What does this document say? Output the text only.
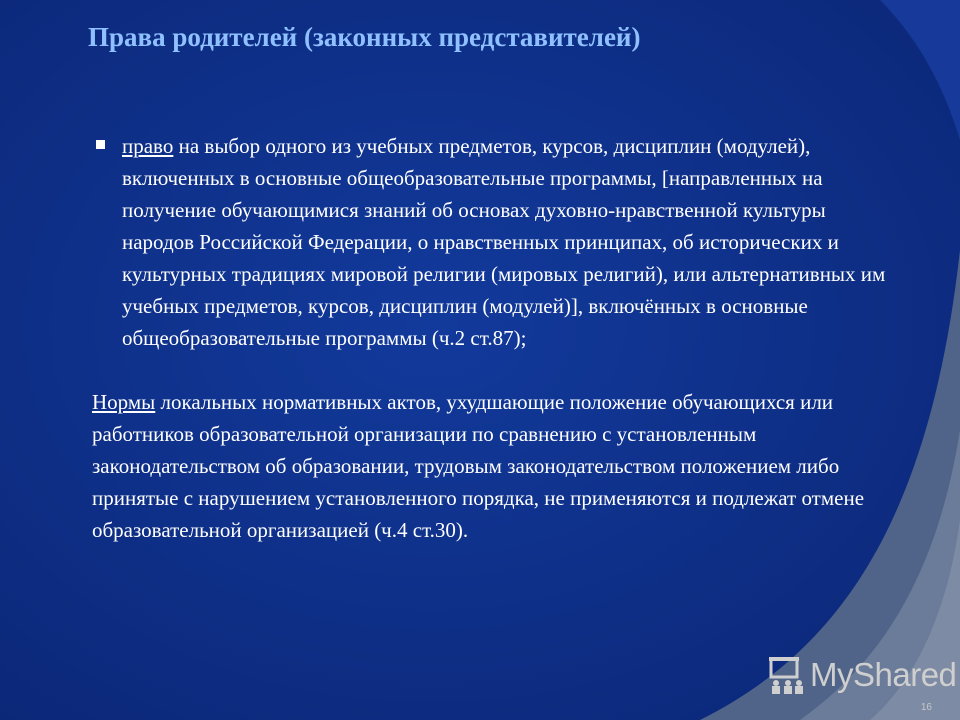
Права родителей (законных представителей)

право на выбор одного из учебных предметов, курсов, дисциплин (модулей), включенных в основные общеобразовательные программы, [направленных на получение обучающимися знаний об основах духовно-нравственной культуры народов Российской Федерации, о нравственных принципах, об исторических и культурных традициях мировой религии (мировых религий), или альтернативных им учебных предметов, курсов, дисциплин (модулей)], включённых в основные общеобразовательные программы (ч.2 ст.87);

Нормы локальных нормативных актов, ухудшающие положение обучающихся или работников образовательной организации по сравнению с установленным законодательством об образовании, трудовым законодательством положением либо принятые с нарушением установленного порядка, не применяются и подлежат отмене образовательной организацией (ч.4 ст.30).

MyShared
16
